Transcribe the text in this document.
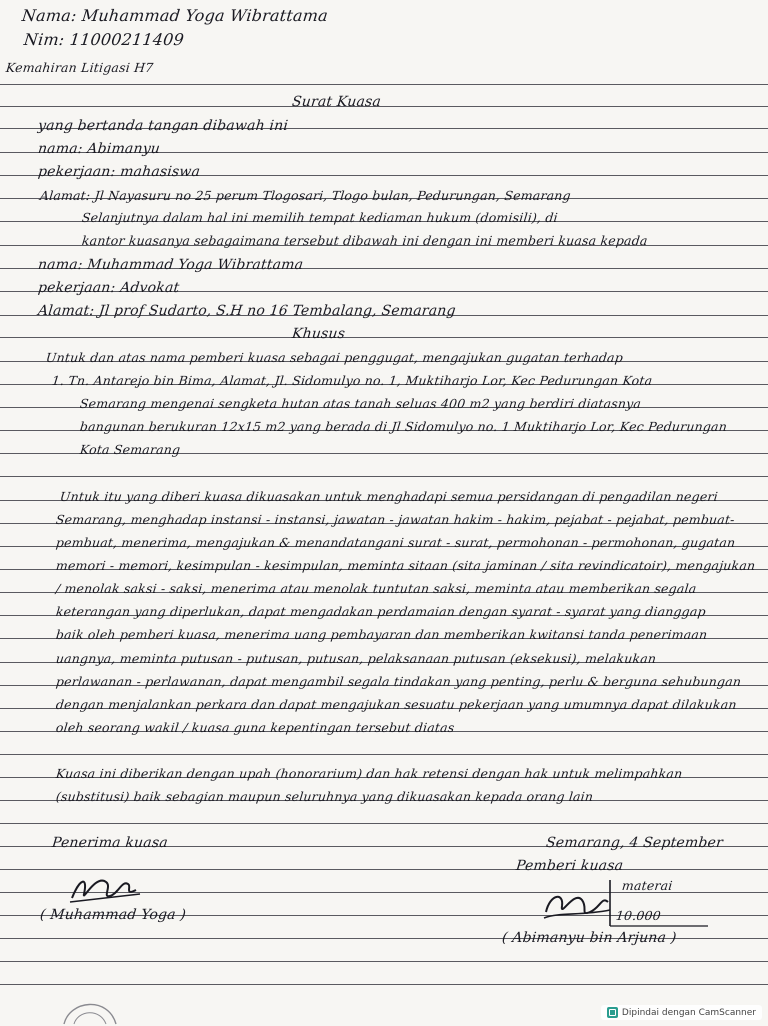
Nama: Muhammad Yoga Wibrattama
Nim: 11000211409
Kemahiran Litigasi H7
Surat Kuasa
yang bertanda tangan dibawah ini
nama: Abimanyu
pekerjaan: mahasiswa
Alamat: Jl Nayasuru no 25 perum Tlogosari, Tlogo bulan, Pedurungan, Semarang
Selanjutnya dalam hal ini memilih tempat kediaman hukum (domisili), di
kantor kuasanya sebagaimana tersebut dibawah ini dengan ini memberi kuasa kepada
nama: Muhammad Yoga Wibrattama
pekerjaan: Advokat
Alamat: Jl prof Sudarto, S.H no 16 Tembalang, Semarang
Khusus
Untuk dan atas nama pemberi kuasa sebagai penggugat, mengajukan gugatan terhadap
1. Tn. Antarejo bin Bima, Alamat, Jl. Sidomulyo no. 1, Muktiharjo Lor, Kec Pedurungan Kota
Semarang mengenai sengketa hutan atas tanah seluas 400 m2 yang berdiri diatasnya
bangunan berukuran 12x15 m2 yang berada di Jl Sidomulyo no. 1 Muktiharjo Lor, Kec Pedurungan
Kota Semarang
Untuk itu yang diberi kuasa dikuasakan untuk menghadapi semua persidangan di pengadilan negeri
Semarang, menghadap instansi - instansi, jawatan - jawatan hakim - hakim, pejabat - pejabat, pembuat-
pembuat, menerima, mengajukan & menandatangani surat - surat, permohonan - permohonan, gugatan
memori - memori, kesimpulan - kesimpulan, meminta sitaan (sita jaminan / sita revindicatoir), mengajukan
/ menolak saksi - saksi, menerima atau menolak tuntutan saksi, meminta atau memberikan segala
keterangan yang diperlukan, dapat mengadakan perdamaian dengan syarat - syarat yang dianggap
baik oleh pemberi kuasa, menerima uang pembayaran dan memberikan kwitansi tanda penerimaan
uangnya, meminta putusan - putusan, putusan, pelaksanaan putusan (eksekusi), melakukan
perlawanan - perlawanan, dapat mengambil segala tindakan yang penting, perlu & berguna sehubungan
dengan menjalankan perkara dan dapat mengajukan sesuatu pekerjaan yang umumnya dapat dilakukan
oleh seorang wakil / kuasa guna kepentingan tersebut diatas
Kuasa ini diberikan dengan upah (honorarium) dan hak retensi dengan hak untuk melimpahkan
(substitusi) baik sebagian maupun seluruhnya yang dikuasakan kepada orang lain
Penerima kuasa	Semarang, 4 September
Pemberi kuasa
materai
10.000
( Muhammad Yoga )
( Abimanyu bin Arjuna )
Dipindai dengan CamScanner
